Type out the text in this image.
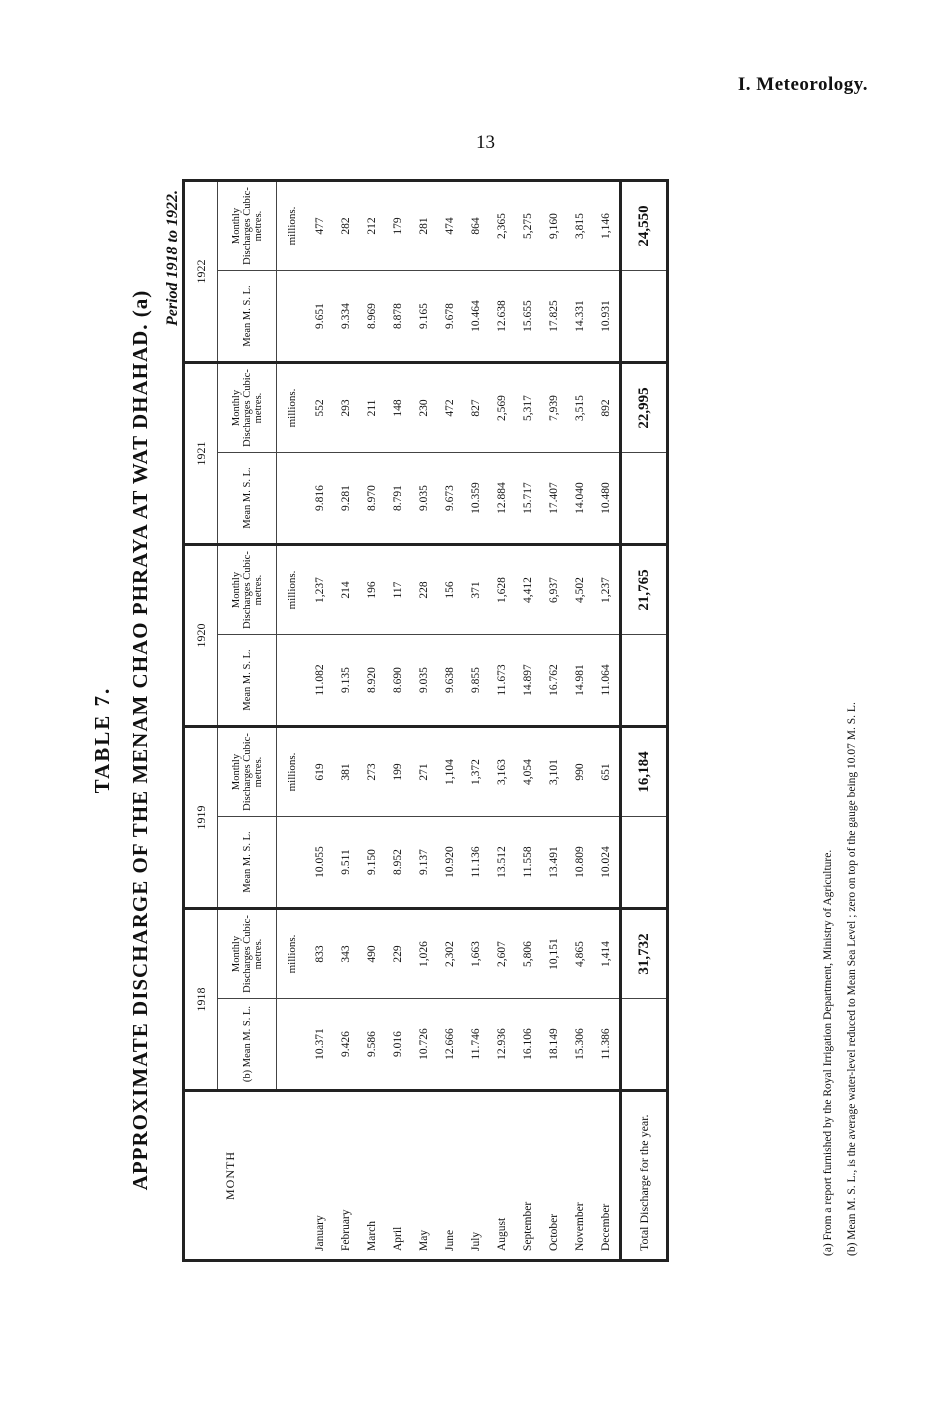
I. Meteorology.
13
TABLE 7. APPROXIMATE DISCHARGE OF THE MENAM CHAO PHRAYA AT WAT DHAHAD. (a)
Period 1918 to 1922.
MONTH	1918		1919		1920		1921		1922	
	(b) Mean M. S. L.	Monthly Discharges Cubic-metres.	Mean M. S. L.	Monthly Discharges Cubic-metres.	Mean M. S. L.	Monthly Discharges Cubic-metres.	Mean M. S. L.	Monthly Discharges Cubic-metres.	Mean M. S. L.	Monthly Discharges Cubic-metres.
		millions.		millions.		millions.		millions.		millions.
January	10.371	833	10.055	619	11.082	1,237	9.816	552	9.651	477
February	9.426	343	9.511	381	9.135	214	9.281	293	9.334	282
March	9.586	490	9.150	273	8.920	196	8.970	211	8.969	212
April	9.016	229	8.952	199	8.690	117	8.791	148	8.878	179
May	10.726	1,026	9.137	271	9.035	228	9.035	230	9.165	281
June	12.666	2,302	10.920	1,104	9.638	156	9.673	472	9.678	474
July	11.746	1,663	11.136	1,372	9.855	371	10.359	827	10.464	864
August	12.936	2,607	13.512	3,163	11.673	1,628	12.884	2,569	12.638	2,365
September	16.106	5,806	11.558	4,054	14.897	4,412	15.717	5,317	15.655	5,275
October	18.149	10,151	13.491	3,101	16.762	6,937	17.407	7,939	17.825	9,160
November	15.306	4,865	10.809	990	14.981	4,502	14.040	3,515	14.331	3,815
December	11.386	1,414	10.024	651	11.064	1,237	10.480	892	10.931	1,146
Total Discharge for the year.		31,732		16,184		21,765		22,995		24,550
(a) From a report furnished by the Royal Irrigation Department, Ministry of Agriculture. (b) Mean M. S. L., is the average water-level reduced to Mean Sea Level ; zero on top of the gauge being 10.07 M. S. L.
